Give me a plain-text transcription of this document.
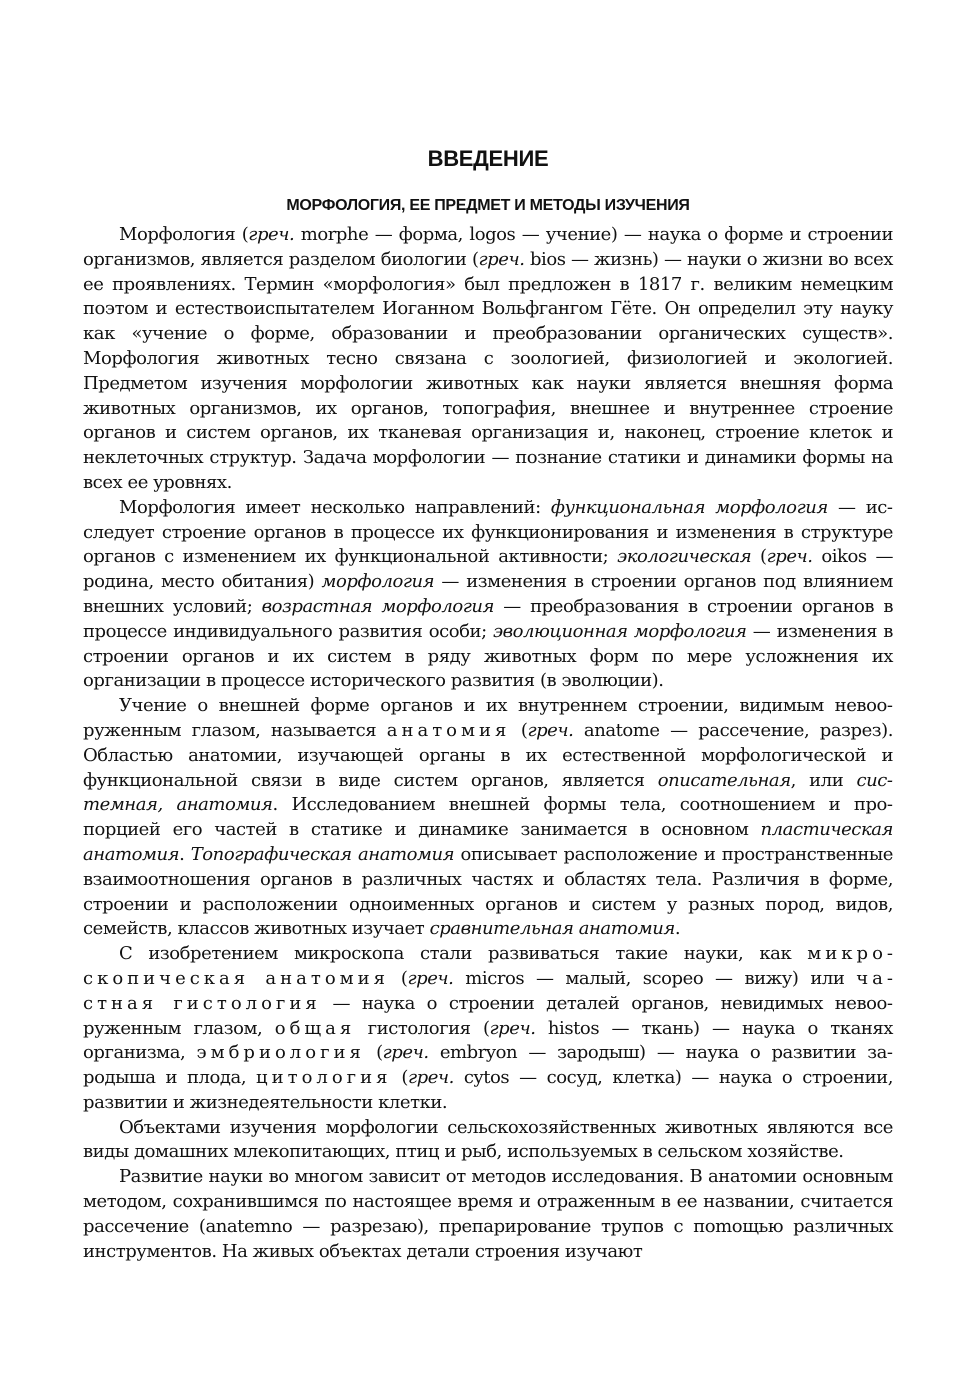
ВВЕДЕНИЕ
МОРФОЛОГИЯ, ЕЕ ПРЕДМЕТ И МЕТОДЫ ИЗУЧЕНИЯ

Морфология (греч. morphe — форма, logos — учение) — наука о форме и строении организмов, является разделом биологии (греч. bios — жизнь) — науки о жизни во всех ее проявлениях. Термин «морфология» был предложен в 1817 г. великим немецким поэтом и естествоиспытателем Иоганном Вольфгангом Гёте. Он определил эту науку как «учение о форме, образовании и преобразовании органических существ». Морфология животных тесно связана с зоологией, физиологией и экологией. Предметом изучения морфологии животных как науки является внешняя форма животных организмов, их органов, топография, внешнее и внутреннее строение органов и систем органов, их тканевая организация и, наконец, строение клеток и неклеточных структур. Задача морфологии — познание статики и динамики формы на всех ее уровнях.

Морфология имеет несколько направлений: функциональная морфология — исследует строение органов в процессе их функционирования и изменения в структуре органов с изменением их функциональной активности; экологическая (греч. oikos — родина, место обитания) морфология — изменения в строении органов под влиянием внешних условий; возрастная морфология — преобразования в строении органов в процессе индивидуального развития особи; эволюционная морфология — изменения в строении органов и их систем в ряду животных форм по мере усложнения их организации в процессе исторического развития (в эволюции).

Учение о внешней форме органов и их внутреннем строении, видимым невооруженным глазом, называется анатомия (греч. anatome — рассечение, разрез). Областью анатомии, изучающей органы в их естественной морфологической и функциональной связи в виде систем органов, является описательная, или системная, анатомия. Исследованием внешней формы тела, соотношением и пропорцией его частей в статике и динамике занимается в основном пластическая анатомия. Топографическая анатомия описывает расположение и пространственные взаимоотношения органов в различных частях и областях тела. Различия в форме, строении и расположении одноименных органов и систем у разных пород, видов, семейств, классов животных изучает сравнительная анатомия.

С изобретением микроскопа стали развиваться такие науки, как микроскопическая анатомия (греч. micros — малый, scopeo — вижу) или частная гистология — наука о строении деталей органов, невидимых невооруженным глазом, общая гистология (греч. histos — ткань) — наука о тканях организма, эмбриология (греч. embryon — зародыш) — наука о развитии зародыша и плода, цитология (греч. cytos — сосуд, клетка) — наука о строении, развитии и жизнедеятельности клетки.

Объектами изучения морфологии сельскохозяйственных животных являются все виды домашних млекопитающих, птиц и рыб, используемых в сельском хозяйстве.

Развитие науки во многом зависит от методов исследования. В анатомии основным методом, сохранившимся по настоящее время и отраженным в ее названии, считается рассечение (anatemno — разрезаю), препарирование трупов с поmощью различных инструментов. На живых объектах детали строения изучают
